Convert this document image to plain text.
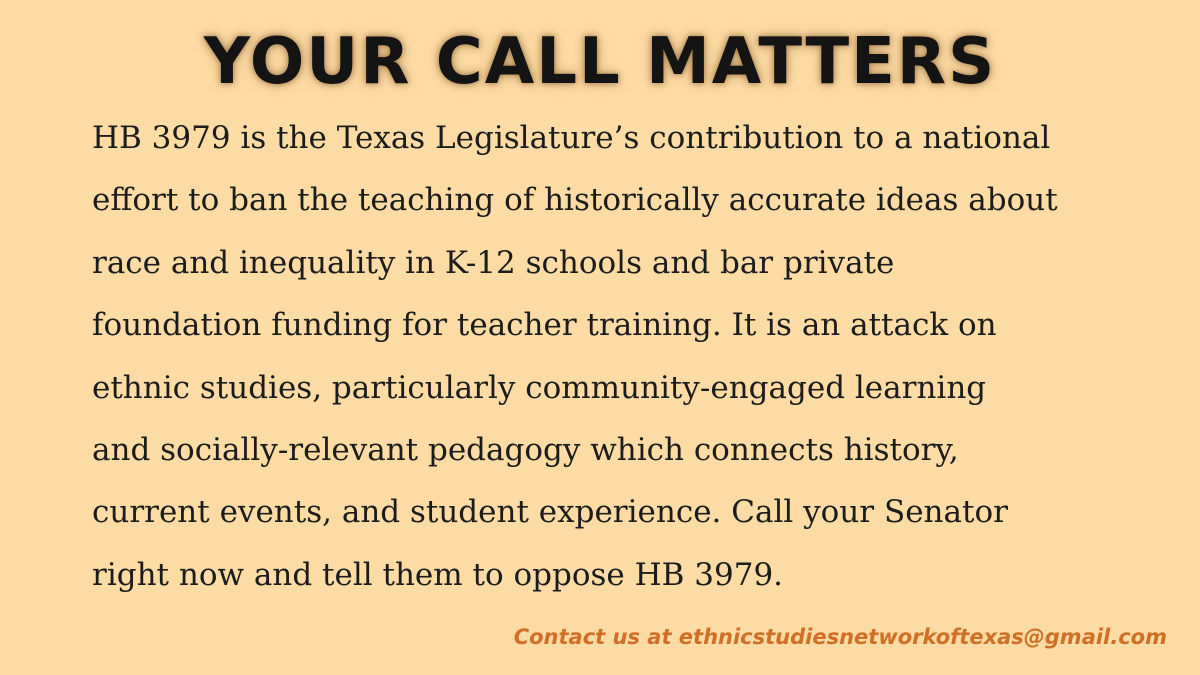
YOUR CALL MATTERS

HB 3979 is the Texas Legislature’s contribution to a national
effort to ban the teaching of historically accurate ideas about
race and inequality in K-12 schools and bar private
foundation funding for teacher training. It is an attack on
ethnic studies, particularly community-engaged learning
and socially-relevant pedagogy which connects history,
current events, and student experience. Call your Senator
right now and tell them to oppose HB 3979.

Contact us at ethnicstudiesnetworkoftexas@gmail.com
